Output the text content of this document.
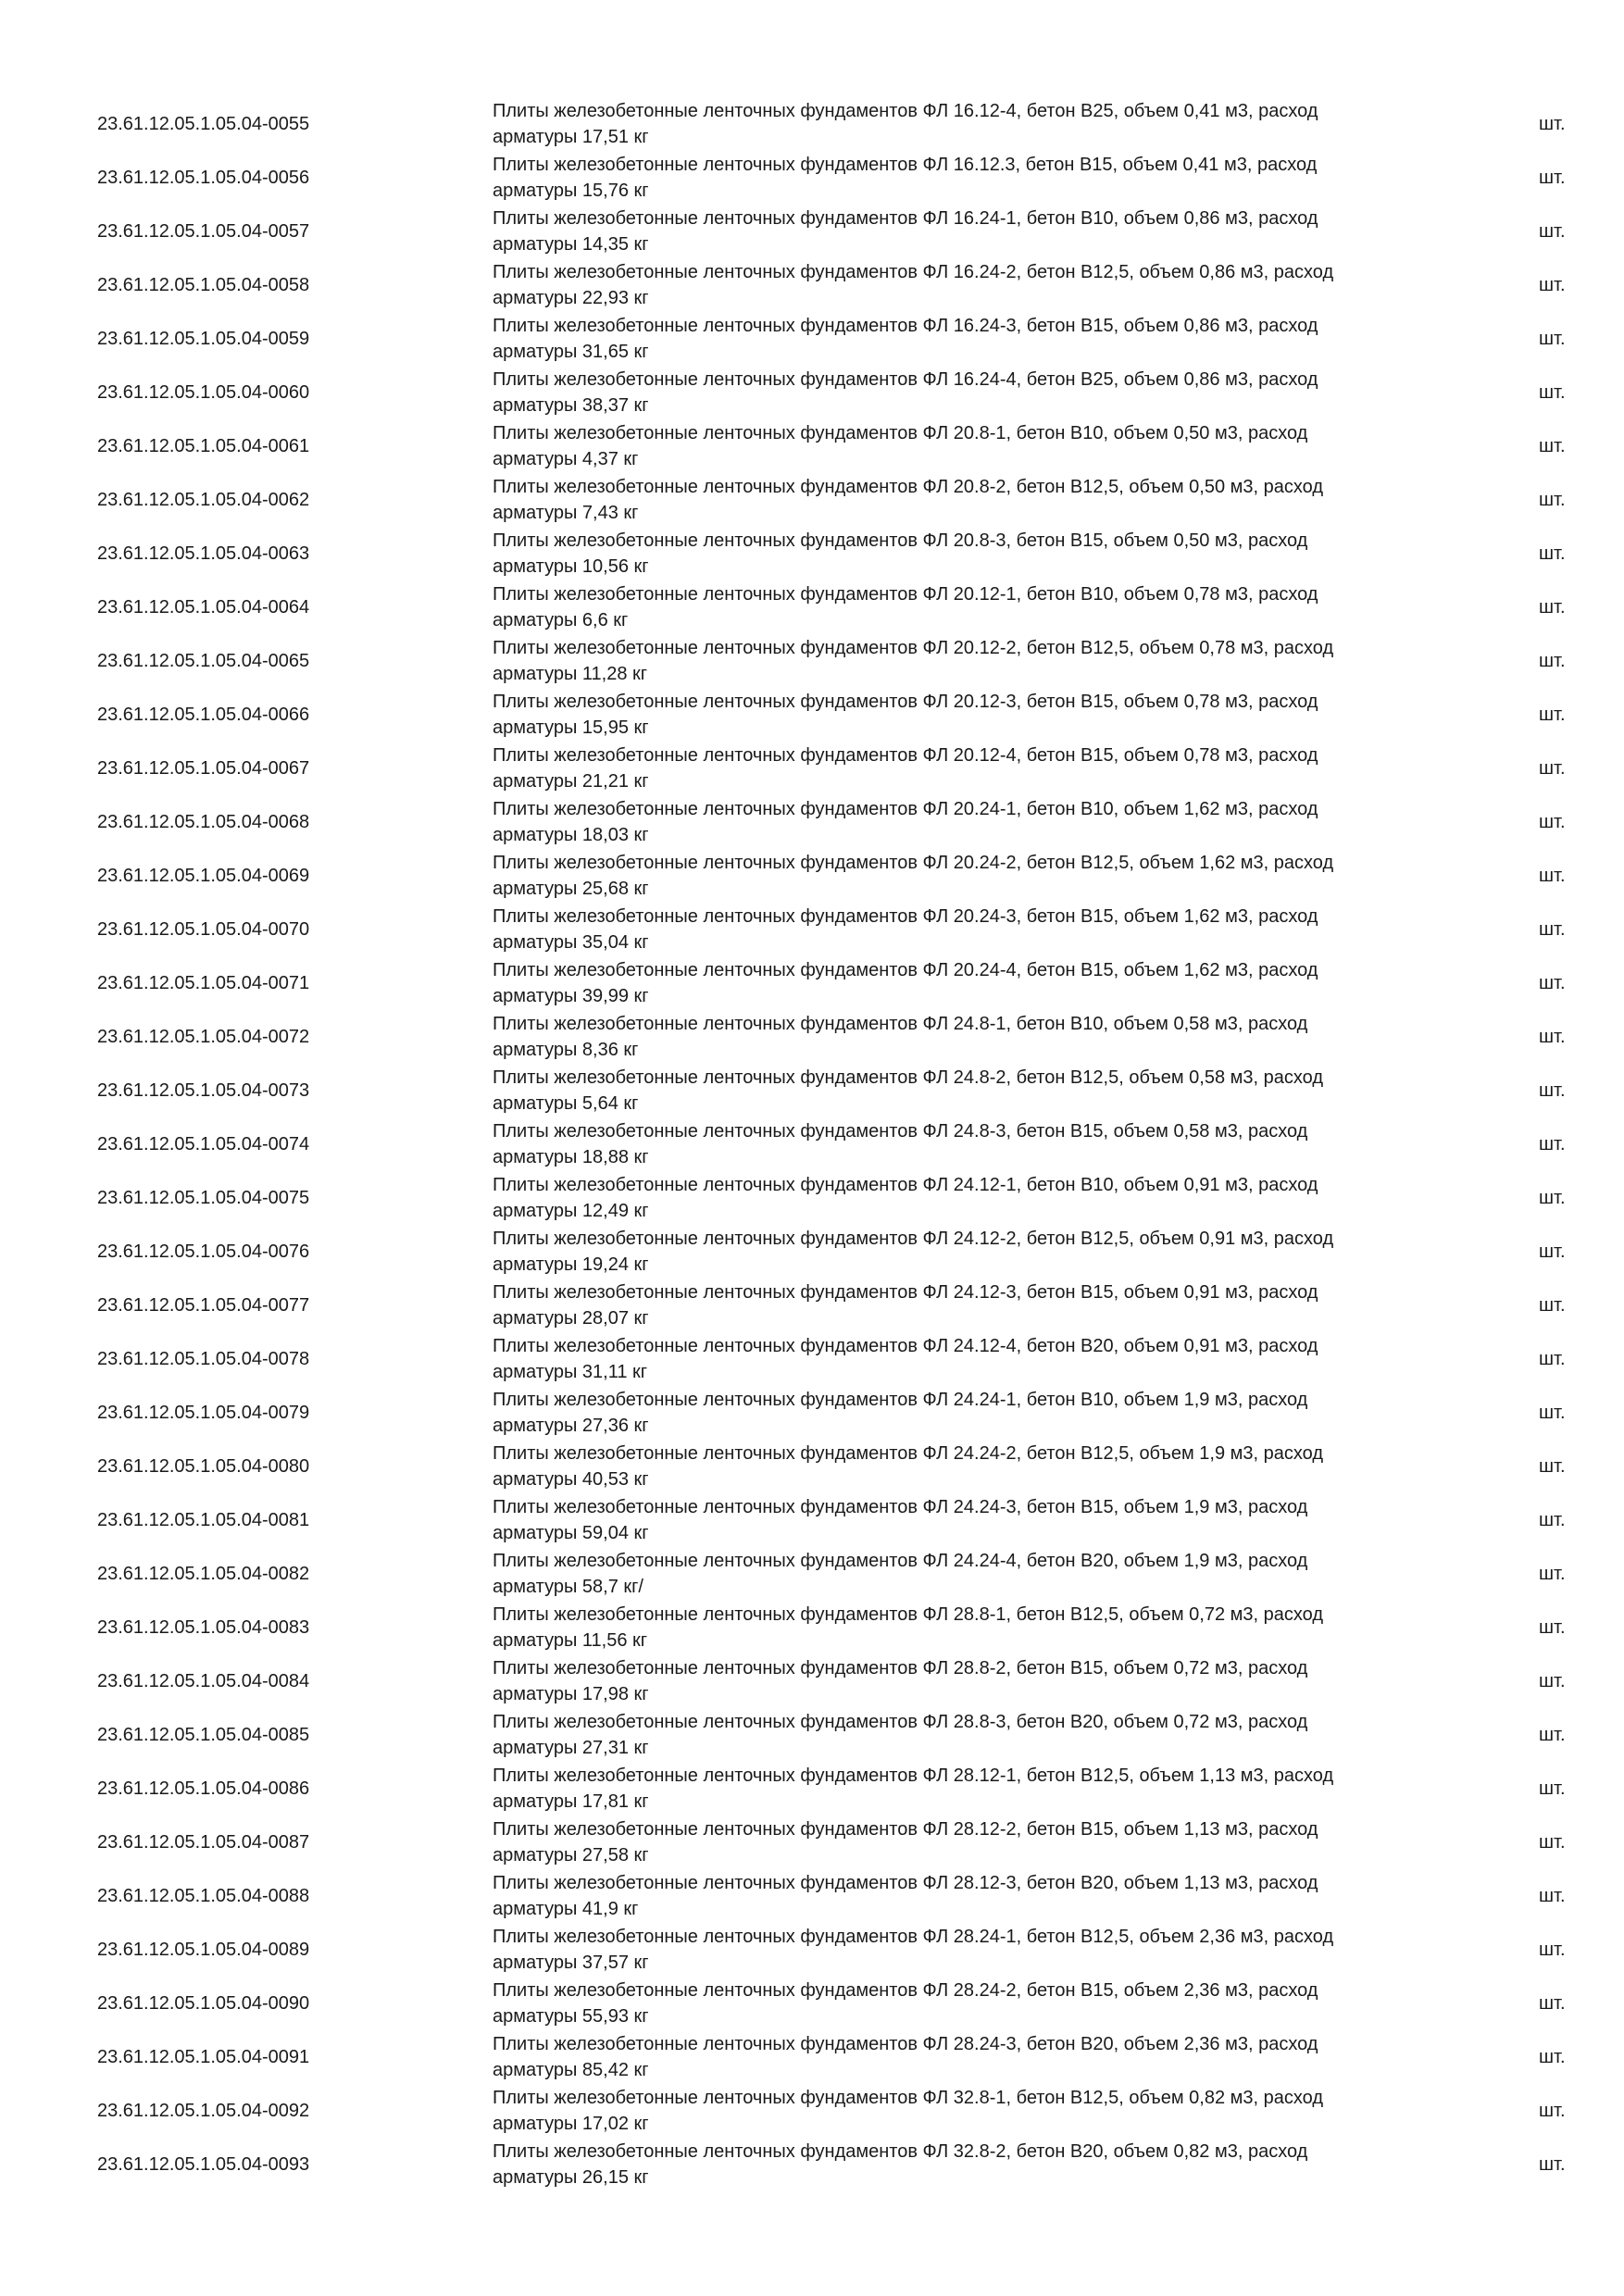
23.61.12.05.1.05.04-0055
Плиты железобетонные ленточных фундаментов ФЛ 16.12-4, бетон В25, объем 0,41 м3, расход
арматуры 17,51 кг
шт.
23.61.12.05.1.05.04-0056
Плиты железобетонные ленточных фундаментов ФЛ 16.12.3, бетон В15, объем 0,41 м3, расход
арматуры 15,76 кг
шт.
23.61.12.05.1.05.04-0057
Плиты железобетонные ленточных фундаментов ФЛ 16.24-1, бетон В10, объем 0,86 м3, расход
арматуры 14,35 кг
шт.
23.61.12.05.1.05.04-0058
Плиты железобетонные ленточных фундаментов ФЛ 16.24-2, бетон В12,5, объем 0,86 м3, расход
арматуры 22,93 кг
шт.
23.61.12.05.1.05.04-0059
Плиты железобетонные ленточных фундаментов ФЛ 16.24-3, бетон В15, объем 0,86 м3, расход
арматуры 31,65 кг
шт.
23.61.12.05.1.05.04-0060
Плиты железобетонные ленточных фундаментов ФЛ 16.24-4, бетон В25, объем 0,86 м3, расход
арматуры 38,37 кг
шт.
23.61.12.05.1.05.04-0061
Плиты железобетонные ленточных фундаментов ФЛ 20.8-1, бетон В10, объем 0,50 м3, расход
арматуры 4,37 кг
шт.
23.61.12.05.1.05.04-0062
Плиты железобетонные ленточных фундаментов ФЛ 20.8-2, бетон В12,5, объем 0,50 м3, расход
арматуры 7,43 кг
шт.
23.61.12.05.1.05.04-0063
Плиты железобетонные ленточных фундаментов ФЛ 20.8-3, бетон В15, объем 0,50 м3, расход
арматуры 10,56 кг
шт.
23.61.12.05.1.05.04-0064
Плиты железобетонные ленточных фундаментов ФЛ 20.12-1, бетон В10, объем 0,78 м3, расход
арматуры 6,6 кг
шт.
23.61.12.05.1.05.04-0065
Плиты железобетонные ленточных фундаментов ФЛ 20.12-2, бетон В12,5, объем 0,78 м3, расход
арматуры 11,28 кг
шт.
23.61.12.05.1.05.04-0066
Плиты железобетонные ленточных фундаментов ФЛ 20.12-3, бетон В15, объем 0,78 м3, расход
арматуры 15,95 кг
шт.
23.61.12.05.1.05.04-0067
Плиты железобетонные ленточных фундаментов ФЛ 20.12-4, бетон В15, объем 0,78 м3, расход
арматуры 21,21 кг
шт.
23.61.12.05.1.05.04-0068
Плиты железобетонные ленточных фундаментов ФЛ 20.24-1, бетон В10, объем 1,62 м3, расход
арматуры 18,03 кг
шт.
23.61.12.05.1.05.04-0069
Плиты железобетонные ленточных фундаментов ФЛ 20.24-2, бетон В12,5, объем 1,62 м3, расход
арматуры 25,68 кг
шт.
23.61.12.05.1.05.04-0070
Плиты железобетонные ленточных фундаментов ФЛ 20.24-3, бетон В15, объем 1,62 м3, расход
арматуры 35,04 кг
шт.
23.61.12.05.1.05.04-0071
Плиты железобетонные ленточных фундаментов ФЛ 20.24-4, бетон В15, объем 1,62 м3, расход
арматуры 39,99 кг
шт.
23.61.12.05.1.05.04-0072
Плиты железобетонные ленточных фундаментов ФЛ 24.8-1, бетон В10, объем 0,58 м3, расход
арматуры 8,36 кг
шт.
23.61.12.05.1.05.04-0073
Плиты железобетонные ленточных фундаментов ФЛ 24.8-2, бетон В12,5, объем 0,58 м3, расход
арматуры 5,64 кг
шт.
23.61.12.05.1.05.04-0074
Плиты железобетонные ленточных фундаментов ФЛ 24.8-3, бетон В15, объем 0,58 м3, расход
арматуры 18,88 кг
шт.
23.61.12.05.1.05.04-0075
Плиты железобетонные ленточных фундаментов ФЛ 24.12-1, бетон В10, объем 0,91 м3, расход
арматуры 12,49 кг
шт.
23.61.12.05.1.05.04-0076
Плиты железобетонные ленточных фундаментов ФЛ 24.12-2, бетон В12,5, объем 0,91 м3, расход
арматуры 19,24 кг
шт.
23.61.12.05.1.05.04-0077
Плиты железобетонные ленточных фундаментов ФЛ 24.12-3, бетон В15, объем 0,91 м3, расход
арматуры 28,07 кг
шт.
23.61.12.05.1.05.04-0078
Плиты железобетонные ленточных фундаментов ФЛ 24.12-4, бетон В20, объем 0,91 м3, расход
арматуры 31,11 кг
шт.
23.61.12.05.1.05.04-0079
Плиты железобетонные ленточных фундаментов ФЛ 24.24-1, бетон В10, объем 1,9 м3, расход
арматуры 27,36 кг
шт.
23.61.12.05.1.05.04-0080
Плиты железобетонные ленточных фундаментов ФЛ 24.24-2, бетон В12,5, объем 1,9 м3, расход
арматуры 40,53 кг
шт.
23.61.12.05.1.05.04-0081
Плиты железобетонные ленточных фундаментов ФЛ 24.24-3, бетон В15, объем 1,9 м3, расход
арматуры 59,04 кг
шт.
23.61.12.05.1.05.04-0082
Плиты железобетонные ленточных фундаментов ФЛ 24.24-4, бетон В20, объем 1,9 м3, расход
арматуры 58,7 кг/
шт.
23.61.12.05.1.05.04-0083
Плиты железобетонные ленточных фундаментов ФЛ 28.8-1, бетон В12,5, объем 0,72 м3, расход
арматуры 11,56 кг
шт.
23.61.12.05.1.05.04-0084
Плиты железобетонные ленточных фундаментов ФЛ 28.8-2, бетон В15, объем 0,72 м3, расход
арматуры 17,98 кг
шт.
23.61.12.05.1.05.04-0085
Плиты железобетонные ленточных фундаментов ФЛ 28.8-3, бетон В20, объем 0,72 м3, расход
арматуры 27,31 кг
шт.
23.61.12.05.1.05.04-0086
Плиты железобетонные ленточных фундаментов ФЛ 28.12-1, бетон В12,5, объем 1,13 м3, расход
арматуры 17,81 кг
шт.
23.61.12.05.1.05.04-0087
Плиты железобетонные ленточных фундаментов ФЛ 28.12-2, бетон В15, объем 1,13 м3, расход
арматуры 27,58 кг
шт.
23.61.12.05.1.05.04-0088
Плиты железобетонные ленточных фундаментов ФЛ 28.12-3, бетон В20, объем 1,13 м3, расход
арматуры 41,9 кг
шт.
23.61.12.05.1.05.04-0089
Плиты железобетонные ленточных фундаментов ФЛ 28.24-1, бетон В12,5, объем 2,36 м3, расход
арматуры 37,57 кг
шт.
23.61.12.05.1.05.04-0090
Плиты железобетонные ленточных фундаментов ФЛ 28.24-2, бетон В15, объем 2,36 м3, расход
арматуры 55,93 кг
шт.
23.61.12.05.1.05.04-0091
Плиты железобетонные ленточных фундаментов ФЛ 28.24-3, бетон В20, объем 2,36 м3, расход
арматуры 85,42 кг
шт.
23.61.12.05.1.05.04-0092
Плиты железобетонные ленточных фундаментов ФЛ 32.8-1, бетон В12,5, объем 0,82 м3, расход
арматуры 17,02 кг
шт.
23.61.12.05.1.05.04-0093
Плиты железобетонные ленточных фундаментов ФЛ 32.8-2, бетон В20, объем 0,82 м3, расход
арматуры 26,15 кг
шт.
